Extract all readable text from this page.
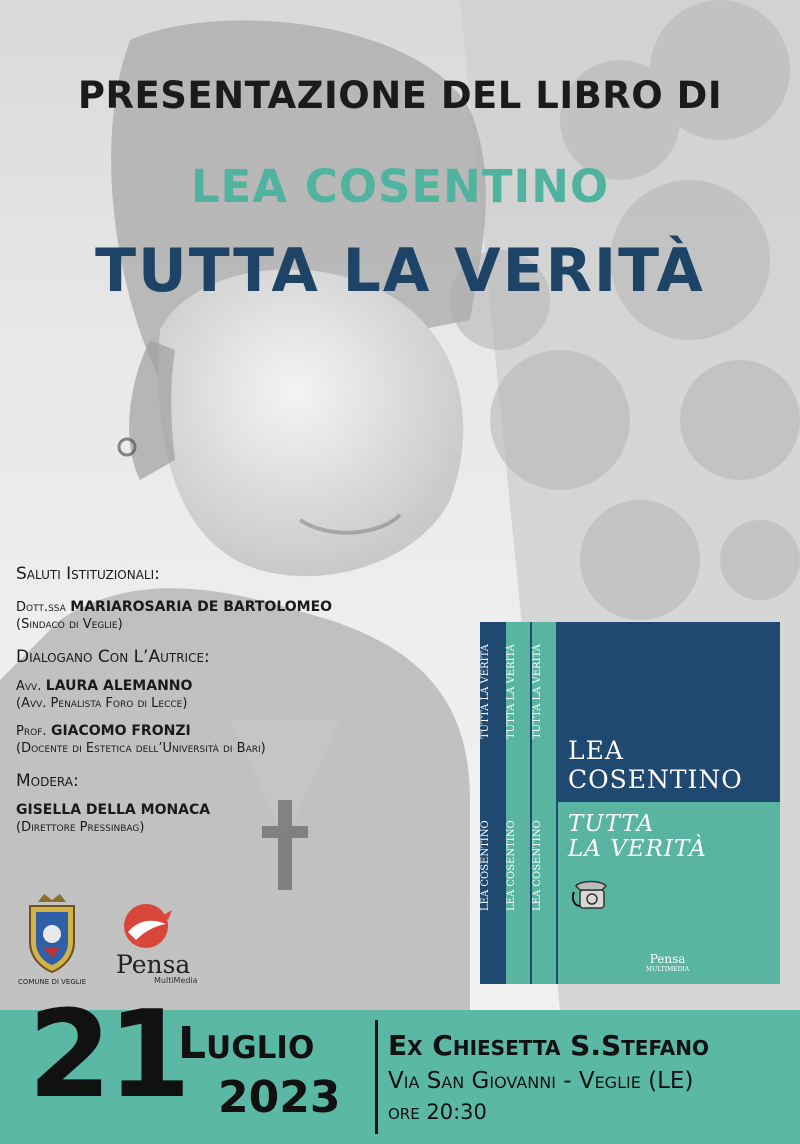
PRESENTAZIONE DEL LIBRO DI
LEA COSENTINO
TUTTA LA VERITÀ

Saluti Istituzionali:

Dott.ssa MARIAROSARIA DE BARTOLOMEO

(Sindaco di Veglie)

Dialogano Con L’Autrice:

Avv. LAURA ALEMANNO

(Avv. Penalista Foro di Lecce)

Prof. GIACOMO FRONZI

(Docente di Estetica dell’Università di Bari)

Modera:

GISELLA DELLA MONACA

(Direttore Pressinbag)

COMUNE DI VEGLIE
Pensa
MultiMedia
TUTTA LA VERITÀ
LEA COSENTINO
TUTTA LA VERITÀ
LEA COSENTINO
TUTTA LA VERITÀ
LEA COSENTINO
LEA
COSENTINO
TUTTA
LA VERITÀ
Pensa
MULTIMEDIA
21
Luglio
2023
Ex Chiesetta S.Stefano
Via San Giovanni - Veglie (LE)
ore 20:30
